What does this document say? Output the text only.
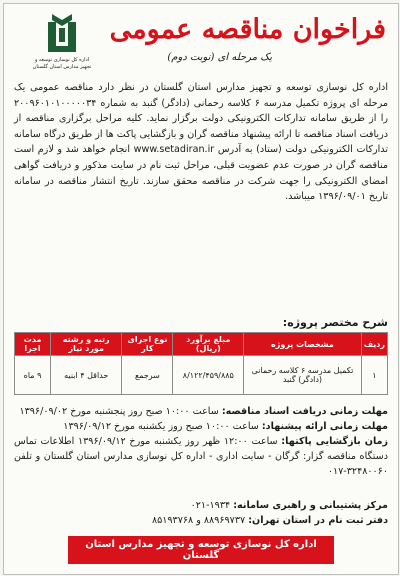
فراخوان مناقصه عمومی
یک مرحله ای (نوبت دوم)
اداره کل نوسازی توسعه و
تجهیز مدارس استان گلستان
اداره کل نوسازی توسعه و تجهیز مدارس استان گلستان در نظر دارد مناقصه عمومی یک مرحله ای پروژه تکمیل مدرسه ۶ کلاسه رحمانی (دادگر) گنبد به شماره ۲۰۰۹۶۰۱۰۱۰۰۰۰۰۳۴ را از طریق سامانه تدارکات الکترونیکی دولت برگزار نماید. کلیه مراحل برگزاری مناقصه از دریافت اسناد مناقصه تا ارائه پیشنهاد مناقصه گران و بازگشایی پاکت ها از طریق درگاه سامانه تدارکات الکترونیکی دولت (ستاد) به آدرس www.setadiran.ir انجام خواهد شد و لازم است مناقصه گران در صورت عدم عضویت قبلی، مراحل ثبت نام در سایت مذکور و دریافت گواهی امضای الکترونیکی را جهت شرکت در مناقصه محقق سازند. تاریخ انتشار مناقصه در سامانه تاریخ ۱۳۹۶/۰۹/۰۱ میباشد.
شرح مختصر پروژه:
ردیف	مشخصات پروژه	مبلغ برآورد (ریال)	نوع اجرای کار	رتبه و رشته مورد نیاز	مدت اجرا
۱	تکمیل مدرسه ۶ کلاسه رحمانی (دادگر) گنبد	۸/۱۲۲/۴۵۹/۸۸۵	سرجمع	حداقل ۴ ابنیه	۹ ماه
مهلت زمانی دریافت اسناد مناقصه: ساعت ۱۰:۰۰ صبح روز پنجشنبه مورخ ۱۳۹۶/۰۹/۰۲
مهلت زمانی ارائه پیشنهاد: ساعت ۱۰:۰۰ صبح روز یکشنبه مورخ ۱۳۹۶/۰۹/۱۲
زمان بازگشایی پاکتها: ساعت ۱۲:۰۰ ظهر روز یکشنبه مورخ ۱۳۹۶/۰۹/۱۲ اطلاعات تماس دستگاه مناقصه گزار: گرگان - سایت اداری - اداره کل نوسازی مدارس استان گلستان و تلفن ۳۲۴۸۰۰۶۰-۰۱۷
مرکز پشتیبانی و راهبری سامانه: ۱۹۳۴-۰۲۱
دفتر ثبت نام در استان تهران: ۸۸۹۶۹۷۳۷ و ۸۵۱۹۳۷۶۸
اداره کل نوسازی توسعه و تجهیز مدارس استان گلستان
